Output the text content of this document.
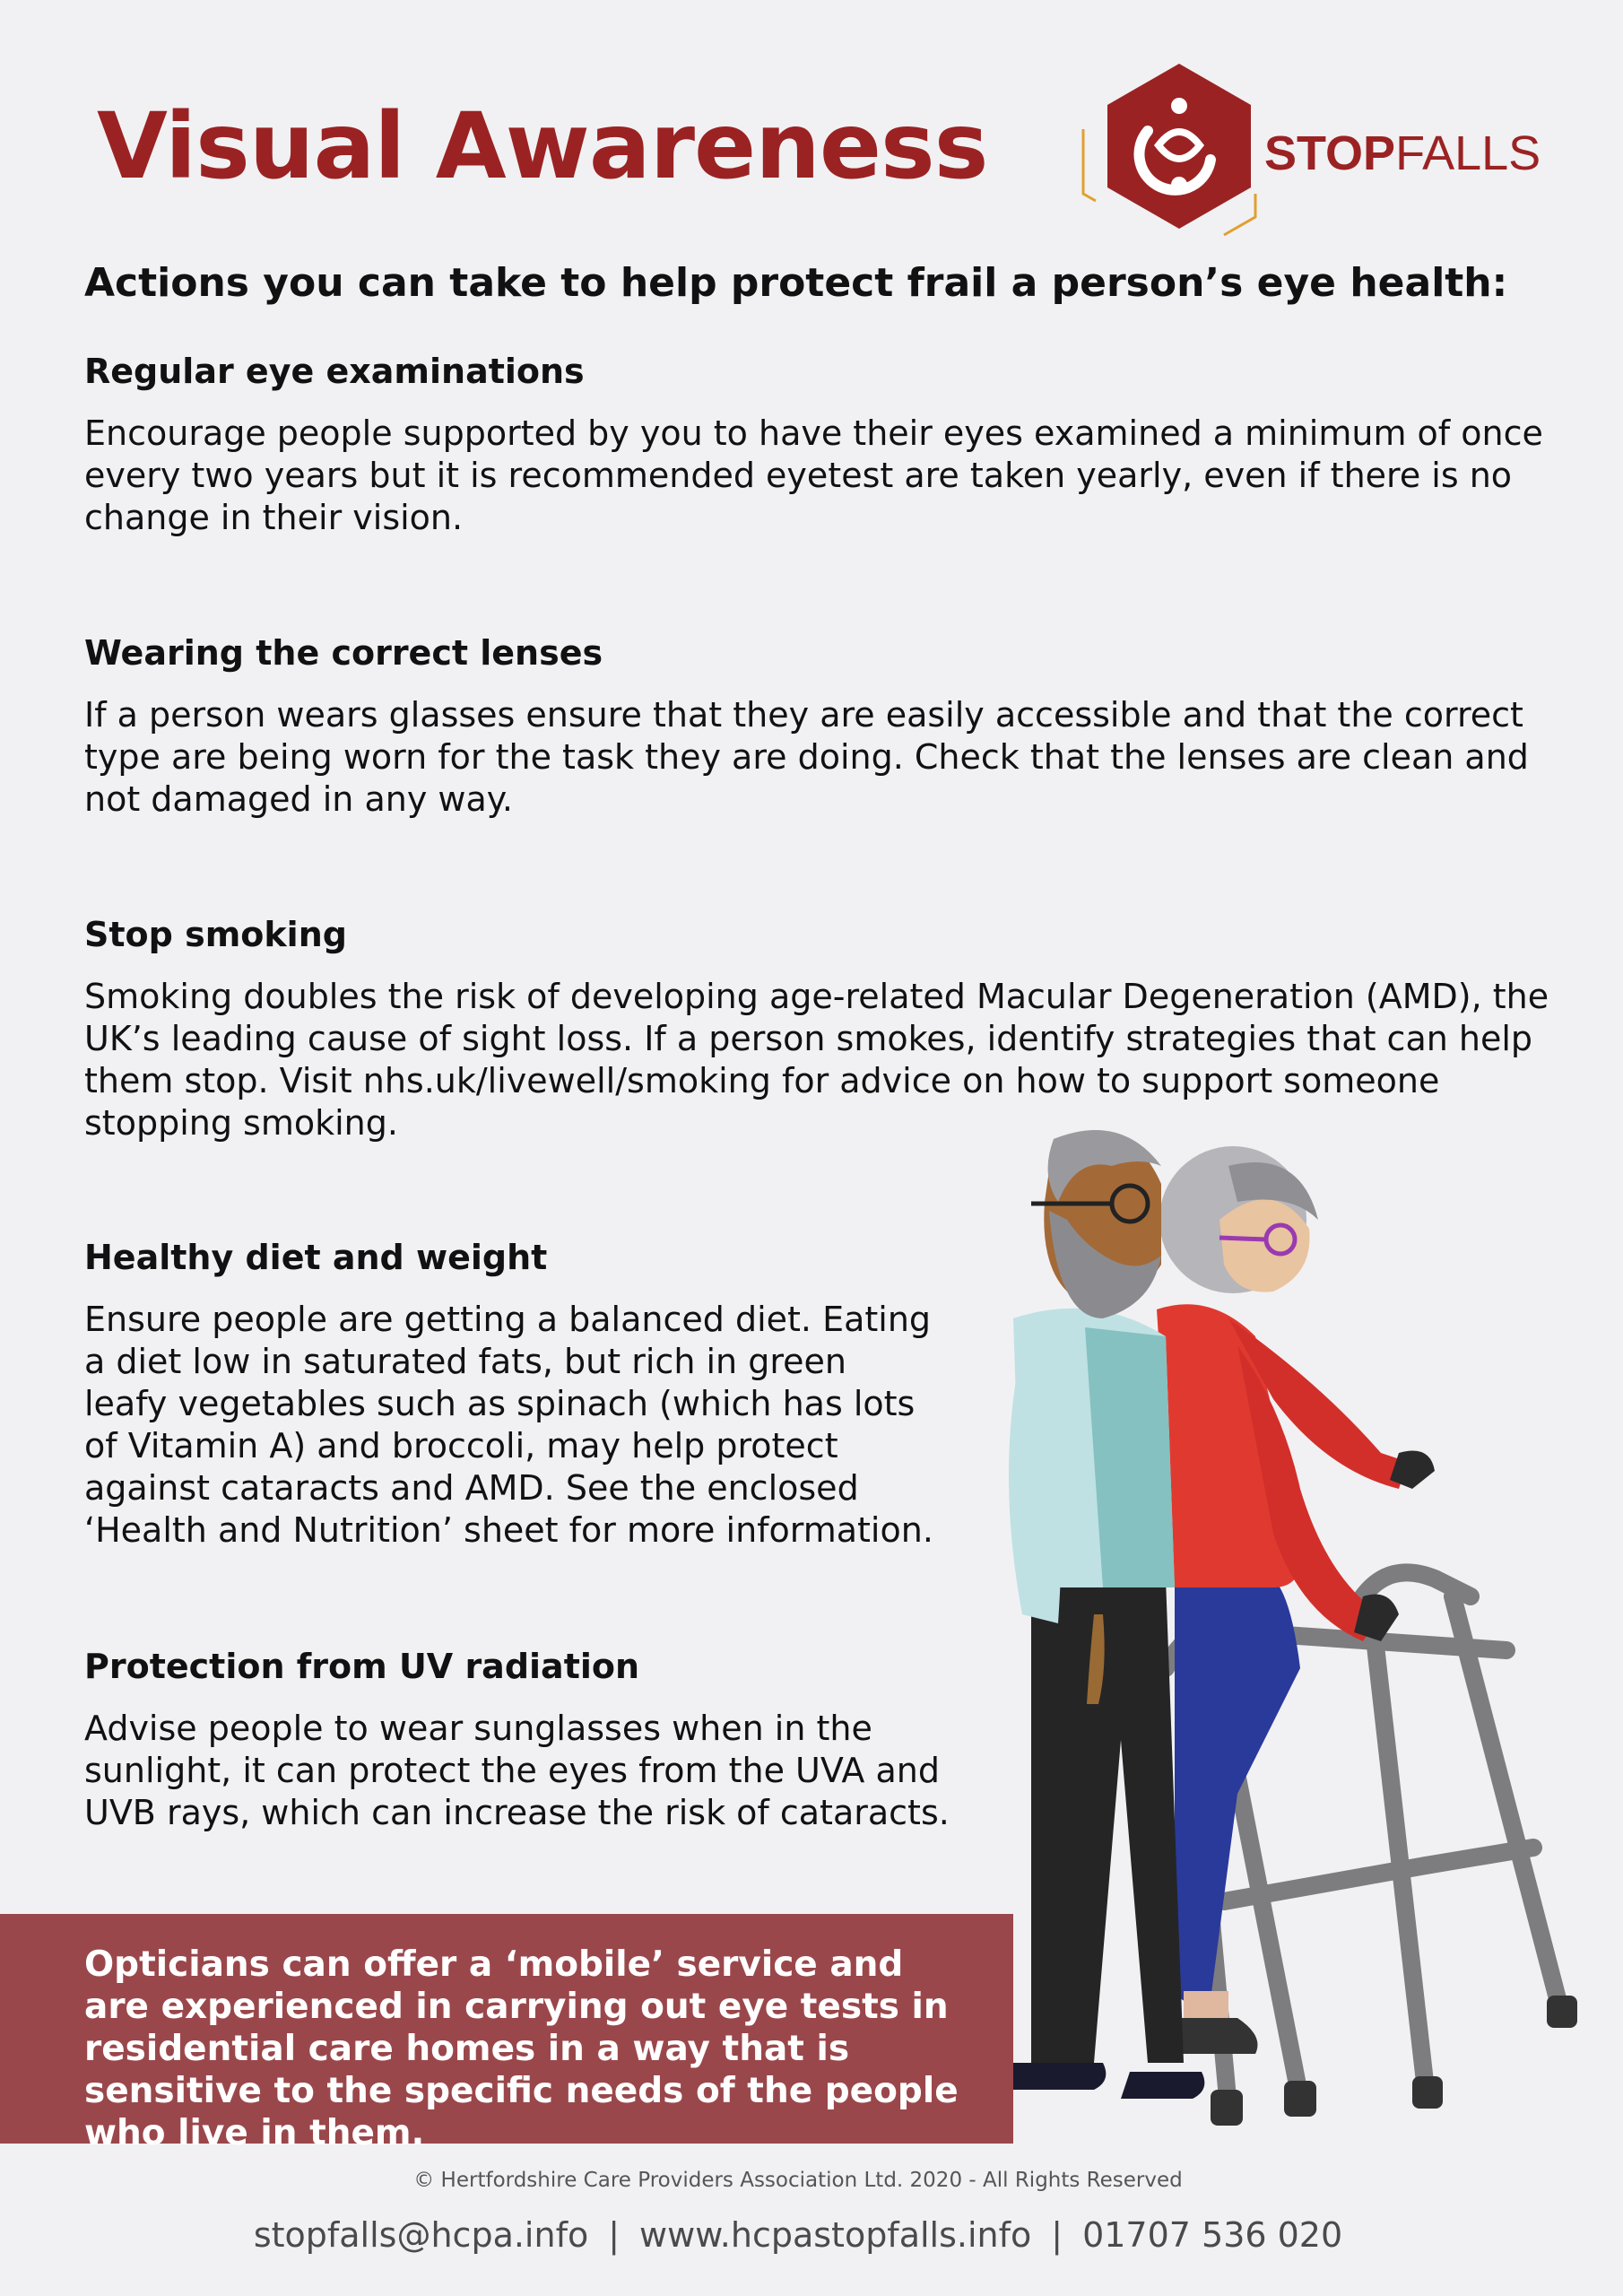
Visual Awareness	STOPFALLS
Actions you can take to help protect frail a person’s eye health:
Regular eye examinations

Encourage people supported by you to have their eyes examined a minimum of once every two years but it is recommended eyetest are taken yearly, even if there is no change in their vision.

Wearing the correct lenses

If a person wears glasses ensure that they are easily accessible and that the correct type are being worn for the task they are doing. Check that the lenses are clean and not damaged in any way.

Stop smoking

Smoking doubles the risk of developing age-related Macular Degeneration (AMD), the UK’s leading cause of sight loss. If a person smokes, identify strategies that can help them stop. Visit nhs.uk/livewell/smoking for advice on how to support someone stopping smoking.

Healthy diet and weight

Ensure people are getting a balanced diet. Eating a diet low in saturated fats, but rich in green leafy vegetables such as spinach (which has lots of Vitamin A) and broccoli, may help protect against cataracts and AMD. See the enclosed ‘Health and Nutrition’ sheet for more information.

Protection from UV radiation

Advise people to wear sunglasses when in the sunlight, it can protect the eyes from the UVA and UVB rays, which can increase the risk of cataracts.

Opticians can offer a ‘mobile’ service and are experienced in carrying out eye tests in residential care homes in a way that is sensitive to the specific needs of the people who live in them.

© Hertfordshire Care Providers Association Ltd. 2020 - All Rights Reserved
stopfalls@hcpa.info | www.hcpastopfalls.info | 01707 536 020
